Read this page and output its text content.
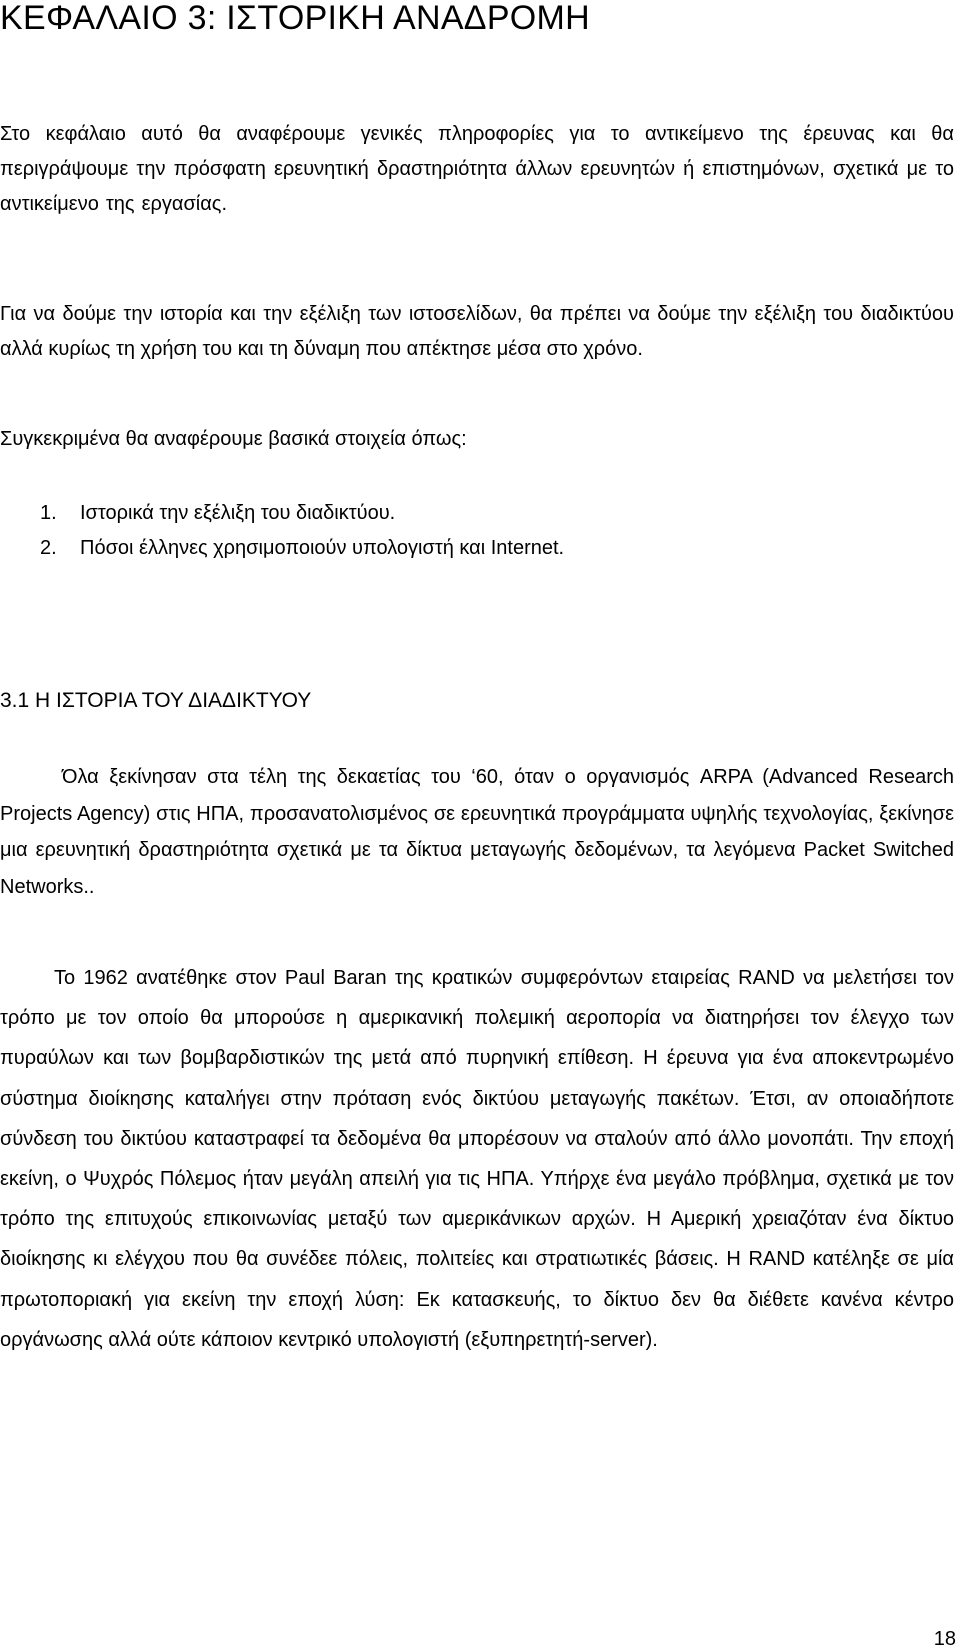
ΚΕΦΑΛΑΙΟ 3: ΙΣΤΟΡΙΚΗ ΑΝΑΔΡΟΜΗ

Στο κεφάλαιο αυτό θα αναφέρουμε γενικές πληροφορίες για το αντικείμενο της έρευνας και θα περιγράψουμε την πρόσφατη ερευνητική δραστηριότητα άλλων ερευνητών ή επιστημόνων, σχετικά με το αντικείμενο της εργασίας.

Για να δούμε την ιστορία και την εξέλιξη των ιστοσελίδων, θα πρέπει να δούμε την εξέλιξη του διαδικτύου αλλά κυρίως τη χρήση του και τη δύναμη που απέκτησε μέσα στο χρόνο.

Συγκεκριμένα θα αναφέρουμε βασικά στοιχεία όπως:

1. Ιστορικά την εξέλιξη του διαδικτύου.
2. Πόσοι έλληνες χρησιμοποιούν υπολογιστή και Internet.
3.1 Η ΙΣΤΟΡΙΑ ΤΟΥ ΔΙΑΔΙΚΤΥΟΥ

Όλα ξεκίνησαν στα τέλη της δεκαετίας του ‘60, όταν ο οργανισμός ARPA (Advanced Research Projects Agency) στις ΗΠΑ, προσανατολισμένος σε ερευνητικά προγράμματα υψηλής τεχνολογίας, ξεκίνησε μια ερευνητική δραστηριότητα σχετικά με τα δίκτυα μεταγωγής δεδομένων, τα λεγόμενα Packet Switched Networks..

Το 1962 ανατέθηκε στον Paul Baran της κρατικών συμφερόντων εταιρείας RAND να μελετήσει τον τρόπο με τον οποίο θα μπορούσε η αμερικανική πολεμική αεροπορία να διατηρήσει τον έλεγχο των πυραύλων και των βομβαρδιστικών της μετά από πυρηνική επίθεση. Η έρευνα για ένα αποκεντρωμένο σύστημα διοίκησης καταλήγει στην πρόταση ενός δικτύου μεταγωγής πακέτων. Έτσι, αν οποιαδήποτε σύνδεση του δικτύου καταστραφεί τα δεδομένα θα μπορέσουν να σταλούν από άλλο μονοπάτι. Την εποχή εκείνη, ο Ψυχρός Πόλεμος ήταν μεγάλη απειλή για τις ΗΠΑ. Υπήρχε ένα μεγάλο πρόβλημα, σχετικά με τον τρόπο της επιτυχούς επικοινωνίας μεταξύ των αμερικάνικων αρχών. Η Αμερική χρειαζόταν ένα δίκτυο διοίκησης κι ελέγχου που θα συνέδεε πόλεις, πολιτείες και στρατιωτικές βάσεις. Η RAND κατέληξε σε μία πρωτοποριακή για εκείνη την εποχή λύση: Εκ κατασκευής, το δίκτυο δεν θα διέθετε κανένα κέντρο οργάνωσης αλλά ούτε κάποιον κεντρικό υπολογιστή (εξυπηρετητή-server).

18
